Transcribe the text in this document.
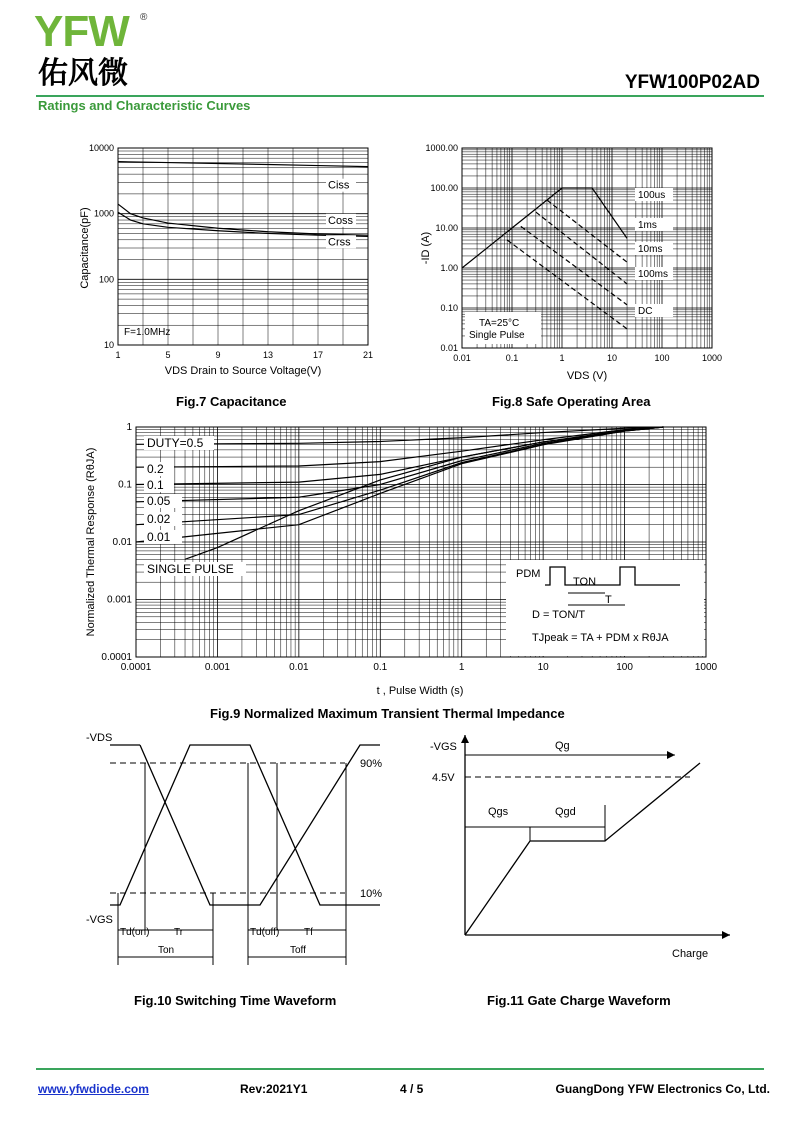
YFW ®
佑风微	YFW100P02AD
Ratings and Characteristic Curves
1	5	9	13	17	21
10
100
1000
10000
Ciss
Coss
Crss
F=1.0MHz
Capacitance(pF)
VDS Drain to Source Voltage(V)
Fig.7 Capacitance
0.01	0.1	1	10	100	1000
0.01
0.10
1.00
10.00
100.00
1000.00
100us
1ms
10ms
100ms
DC
TA=25°C
Single Pulse
-ID (A)
VDS (V)
Fig.8 Safe Operating Area
0.0001	0.001	0.01	0.1	1	10	100	1000
0.0001
0.001
0.01
0.1
1
DUTY=0.5
0.2
0.1
0.05
0.02
0.01
SINGLE PULSE	PDM
TON
T
D = TON/T
TJpeak = TA + PDM x RθJA
Normalized Thermal Response (RθJA)
t , Pulse Width (s)
Fig.9 Normalized Maximum Transient Thermal Impedance
-VDS
-VGS
90%
10%
Td(on) Tr	Td(off) Tf
Ton	Toff
Fig.10 Switching Time Waveform
-VGS
4.5V
Qg
Qgs	Qgd
Charge
Fig.11 Gate Charge Waveform
www.yfwdiode.com	Rev:2021Y1	4 / 5	GuangDong YFW Electronics Co, Ltd.
